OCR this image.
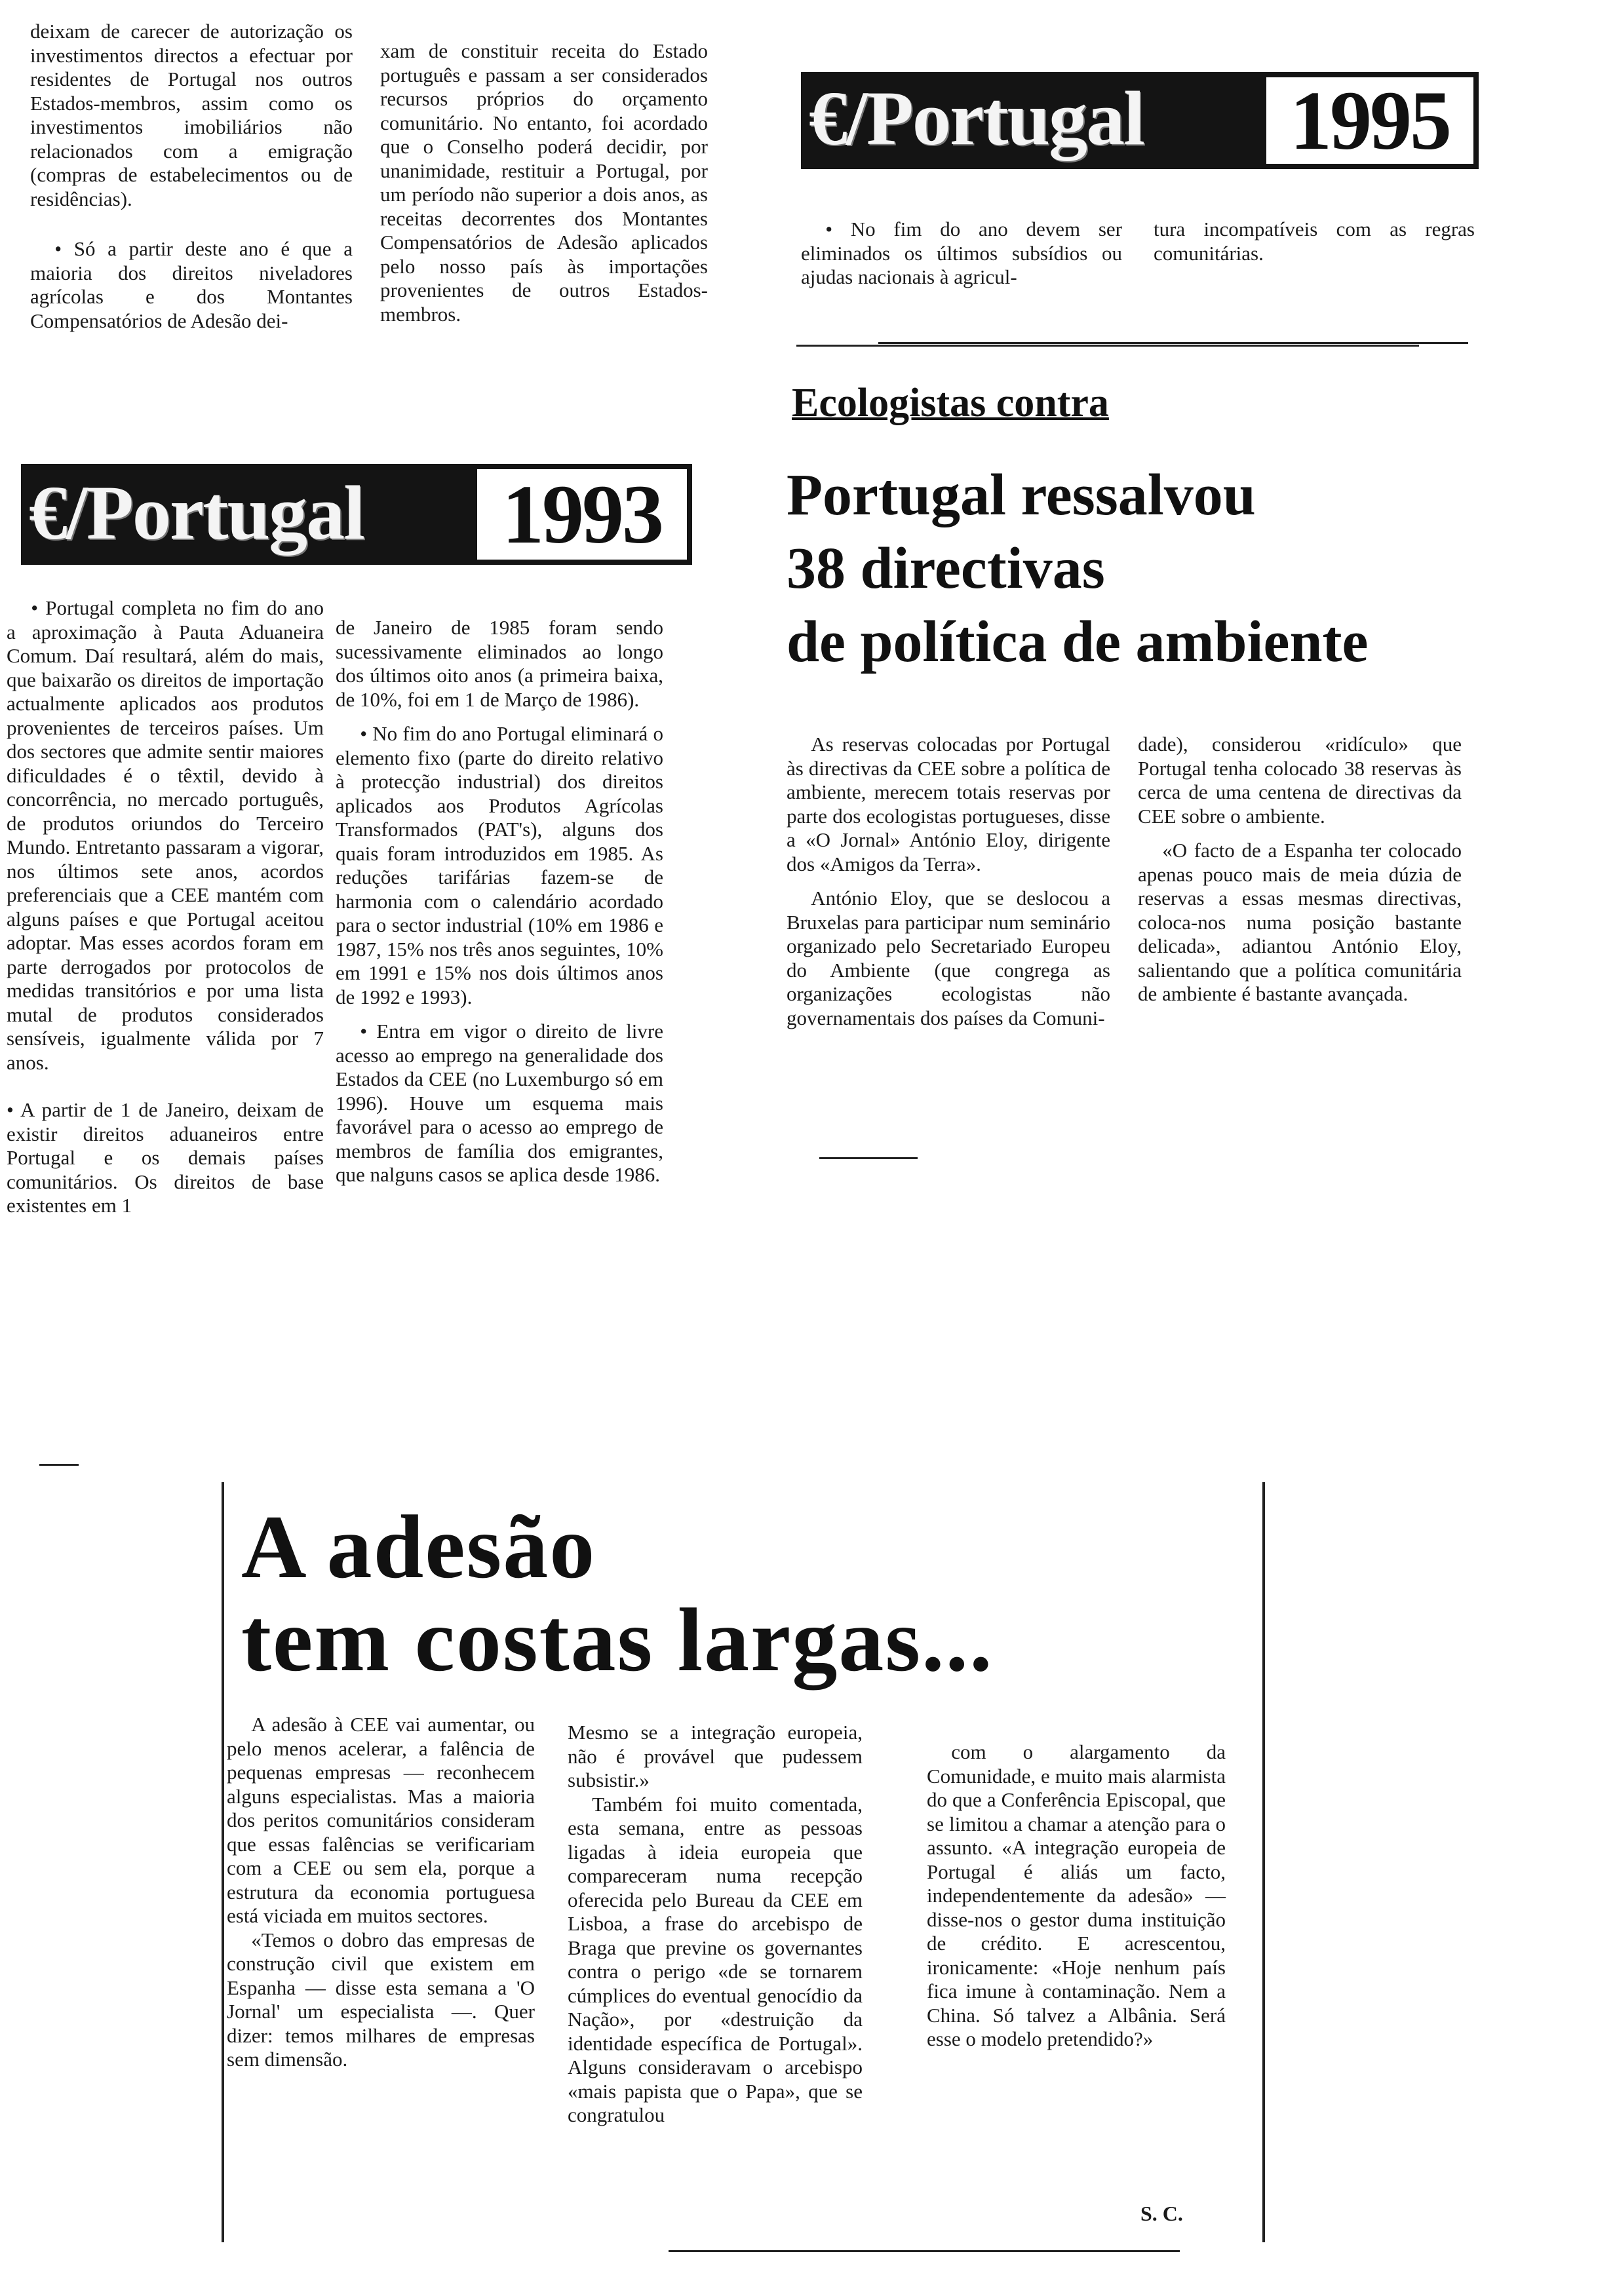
deixam de carecer de autorização os investimentos directos a efectuar por residentes de Portugal nos outros Estados-membros, assim como os investimentos imobiliários não relacionados com a emigração (compras de estabelecimentos ou de residências).

• Só a partir deste ano é que a maioria dos direitos niveladores agrícolas e dos Montantes Compensatórios de Adesão dei-

xam de constituir receita do Estado português e passam a ser considerados recursos próprios do orçamento comunitário. No entanto, foi acordado que o Conselho poderá decidir, por unanimidade, restituir a Portugal, por um período não superior a dois anos, as receitas decorrentes dos Montantes Compensatórios de Adesão aplicados pelo nosso país às importações provenientes de outros Estados-membros.

€/Portugal 1995

• No fim do ano devem ser eliminados os últimos subsídios ou ajudas nacionais à agricul-

tura incompatíveis com as regras comunitárias.

€/Portugal 1993

• Portugal completa no fim do ano a aproximação à Pauta Aduaneira Comum. Daí resultará, além do mais, que baixarão os direitos de importação actualmente aplicados aos produtos provenientes de terceiros países. Um dos sectores que admite sentir maiores dificuldades é o têxtil, devido à concorrência, no mercado português, de produtos oriundos do Terceiro Mundo. Entretanto passaram a vigorar, nos últimos sete anos, acordos preferenciais que a CEE mantém com alguns países e que Portugal aceitou adoptar. Mas esses acordos foram em parte derrogados por protocolos de medidas transitórios e por uma lista mutal de produtos considerados sensíveis, igualmente válida por 7 anos.

• A partir de 1 de Janeiro, deixam de existir direitos aduaneiros entre Portugal e os demais países comunitários. Os direitos de base existentes em 1

de Janeiro de 1985 foram sendo sucessivamente eliminados ao longo dos últimos oito anos (a primeira baixa, de 10%, foi em 1 de Março de 1986).

• No fim do ano Portugal eliminará o elemento fixo (parte do direito relativo à protecção industrial) dos direitos aplicados aos Produtos Agrícolas Transformados (PAT's), alguns dos quais foram introduzidos em 1985. As reduções tarifárias fazem-se de harmonia com o calendário acordado para o sector industrial (10% em 1986 e 1987, 15% nos três anos seguintes, 10% em 1991 e 15% nos dois últimos anos de 1992 e 1993).

• Entra em vigor o direito de livre acesso ao emprego na generalidade dos Estados da CEE (no Luxemburgo só em 1996). Houve um esquema mais favorável para o acesso ao emprego de membros de família dos emigrantes, que nalguns casos se aplica desde 1986.

Ecologistas contra
Portugal ressalvou
38 directivas
de política de ambiente

As reservas colocadas por Portugal às directivas da CEE sobre a política de ambiente, merecem totais reservas por parte dos ecologistas portugueses, disse a «O Jornal» António Eloy, dirigente dos «Amigos da Terra».

António Eloy, que se deslocou a Bruxelas para participar num seminário organizado pelo Secretariado Europeu do Ambiente (que congrega as organizações ecologistas não governamentais dos países da Comuni-

dade), considerou «ridículo» que Portugal tenha colocado 38 reservas às cerca de uma centena de directivas da CEE sobre o ambiente.

«O facto de a Espanha ter colocado apenas pouco mais de meia dúzia de reservas a essas mesmas directivas, coloca-nos numa posição bastante delicada», adiantou António Eloy, salientando que a política comunitária de ambiente é bastante avançada.

A adesão
tem costas largas...

A adesão à CEE vai aumentar, ou pelo menos acelerar, a falência de pequenas empresas — reconhecem alguns especialistas. Mas a maioria dos peritos comunitários consideram que essas falências se verificariam com a CEE ou sem ela, porque a estrutura da economia portuguesa está viciada em muitos sectores.

«Temos o dobro das empresas de construção civil que existem em Espanha — disse esta semana a 'O Jornal' um especialista —. Quer dizer: temos milhares de empresas sem dimensão.

Mesmo se a integração europeia, não é provável que pudessem subsistir.»

Também foi muito comentada, esta semana, entre as pessoas ligadas à ideia europeia que compareceram numa recepção oferecida pelo Bureau da CEE em Lisboa, a frase do arcebispo de Braga que previne os governantes contra o perigo «de se tornarem cúmplices do eventual genocídio da Nação», por «destruição da identidade específica de Portugal». Alguns consideravam o arcebispo «mais papista que o Papa», que se congratulou

com o alargamento da Comunidade, e muito mais alarmista do que a Conferência Episcopal, que se limitou a chamar a atenção para o assunto. «A integração europeia de Portugal é aliás um facto, independentemente da adesão» — disse-nos o gestor duma instituição de crédito. E acrescentou, ironicamente: «Hoje nenhum país fica imune à contaminação. Nem a China. Só talvez a Albânia. Será esse o modelo pretendido?»

S. C.
